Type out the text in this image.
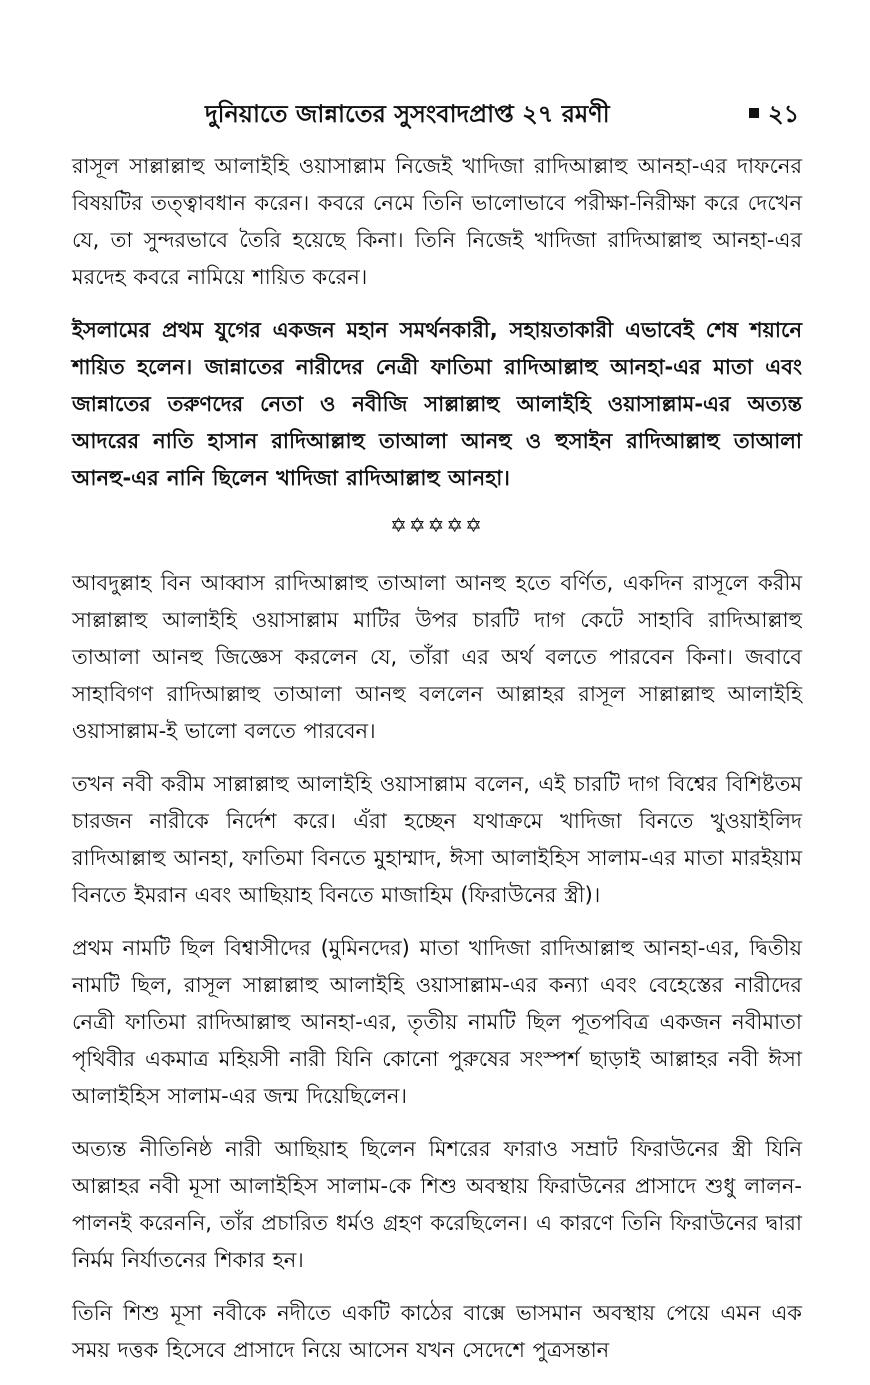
দুনিয়াতে জান্নাতের সুসংবাদপ্রাপ্ত ২৭ রমণী	২১

রাসূল সাল্লাল্লাহু আলাইহি ওয়াসাল্লাম নিজেই খাদিজা রাদিআল্লাহু আনহা-এর দাফনের বিষয়টির তত্ত্বাবধান করেন। কবরে নেমে তিনি ভালোভাবে পরীক্ষা-নিরীক্ষা করে দেখেন যে, তা সুন্দরভাবে তৈরি হয়েছে কিনা। তিনি নিজেই খাদিজা রাদিআল্লাহু আনহা-এর মরদেহ কবরে নামিয়ে শায়িত করেন।

ইসলামের প্রথম যুগের একজন মহান সমর্থনকারী, সহায়তাকারী এভাবেই শেষ শয়ানে শায়িত হলেন। জান্নাতের নারীদের নেত্রী ফাতিমা রাদিআল্লাহু আনহা-এর মাতা এবং জান্নাতের তরুণদের নেতা ও নবীজি সাল্লাল্লাহু আলাইহি ওয়াসাল্লাম-এর অত্যন্ত আদরের নাতি হাসান রাদিআল্লাহু তাআলা আনহু ও হুসাইন রাদিআল্লাহু তাআলা আনহু-এর নানি ছিলেন খাদিজা রাদিআল্লাহু আনহা।

✡✡✡✡✡

আবদুল্লাহ বিন আব্বাস রাদিআল্লাহু তাআলা আনহু হতে বর্ণিত, একদিন রাসূলে করীম সাল্লাল্লাহু আলাইহি ওয়াসাল্লাম মাটির উপর চারটি দাগ কেটে সাহাবি রাদিআল্লাহু তাআলা আনহু জিজ্ঞেস করলেন যে, তাঁরা এর অর্থ বলতে পারবেন কিনা। জবাবে সাহাবিগণ রাদিআল্লাহু তাআলা আনহু বললেন আল্লাহর রাসূল সাল্লাল্লাহু আলাইহি ওয়াসাল্লাম-ই ভালো বলতে পারবেন।

তখন নবী করীম সাল্লাল্লাহু আলাইহি ওয়াসাল্লাম বলেন, এই চারটি দাগ বিশ্বের বিশিষ্টতম চারজন নারীকে নির্দেশ করে। এঁরা হচ্ছেন যথাক্রমে খাদিজা বিনতে খুওয়াইলিদ রাদিআল্লাহু আনহা, ফাতিমা বিনতে মুহাম্মাদ, ঈসা আলাইহিস সালাম-এর মাতা মারইয়াম বিনতে ইমরান এবং আছিয়াহ বিনতে মাজাহিম (ফিরাউনের স্ত্রী)।

প্রথম নামটি ছিল বিশ্বাসীদের (মুমিনদের) মাতা খাদিজা রাদিআল্লাহু আনহা-এর, দ্বিতীয় নামটি ছিল, রাসূল সাল্লাল্লাহু আলাইহি ওয়াসাল্লাম-এর কন্যা এবং বেহেস্তের নারীদের নেত্রী ফাতিমা রাদিআল্লাহু আনহা-এর, তৃতীয় নামটি ছিল পূতপবিত্র একজন নবীমাতা পৃথিবীর একমাত্র মহিয়সী নারী যিনি কোনো পুরুষের সংস্পর্শ ছাড়াই আল্লাহর নবী ঈসা আলাইহিস সালাম-এর জন্ম দিয়েছিলেন।

অত্যন্ত নীতিনিষ্ঠ নারী আছিয়াহ ছিলেন মিশরের ফারাও সম্রাট ফিরাউনের স্ত্রী যিনি আল্লাহর নবী মূসা আলাইহিস সালাম-কে শিশু অবস্থায় ফিরাউনের প্রাসাদে শুধু লালন-পালনই করেননি, তাঁর প্রচারিত ধর্মও গ্রহণ করেছিলেন। এ কারণে তিনি ফিরাউনের দ্বারা নির্মম নির্যাতনের শিকার হন।

তিনি শিশু মূসা নবীকে নদীতে একটি কাঠের বাক্সে ভাসমান অবস্থায় পেয়ে এমন এক সময় দত্তক হিসেবে প্রাসাদে নিয়ে আসেন যখন সেদেশে পুত্রসন্তান
